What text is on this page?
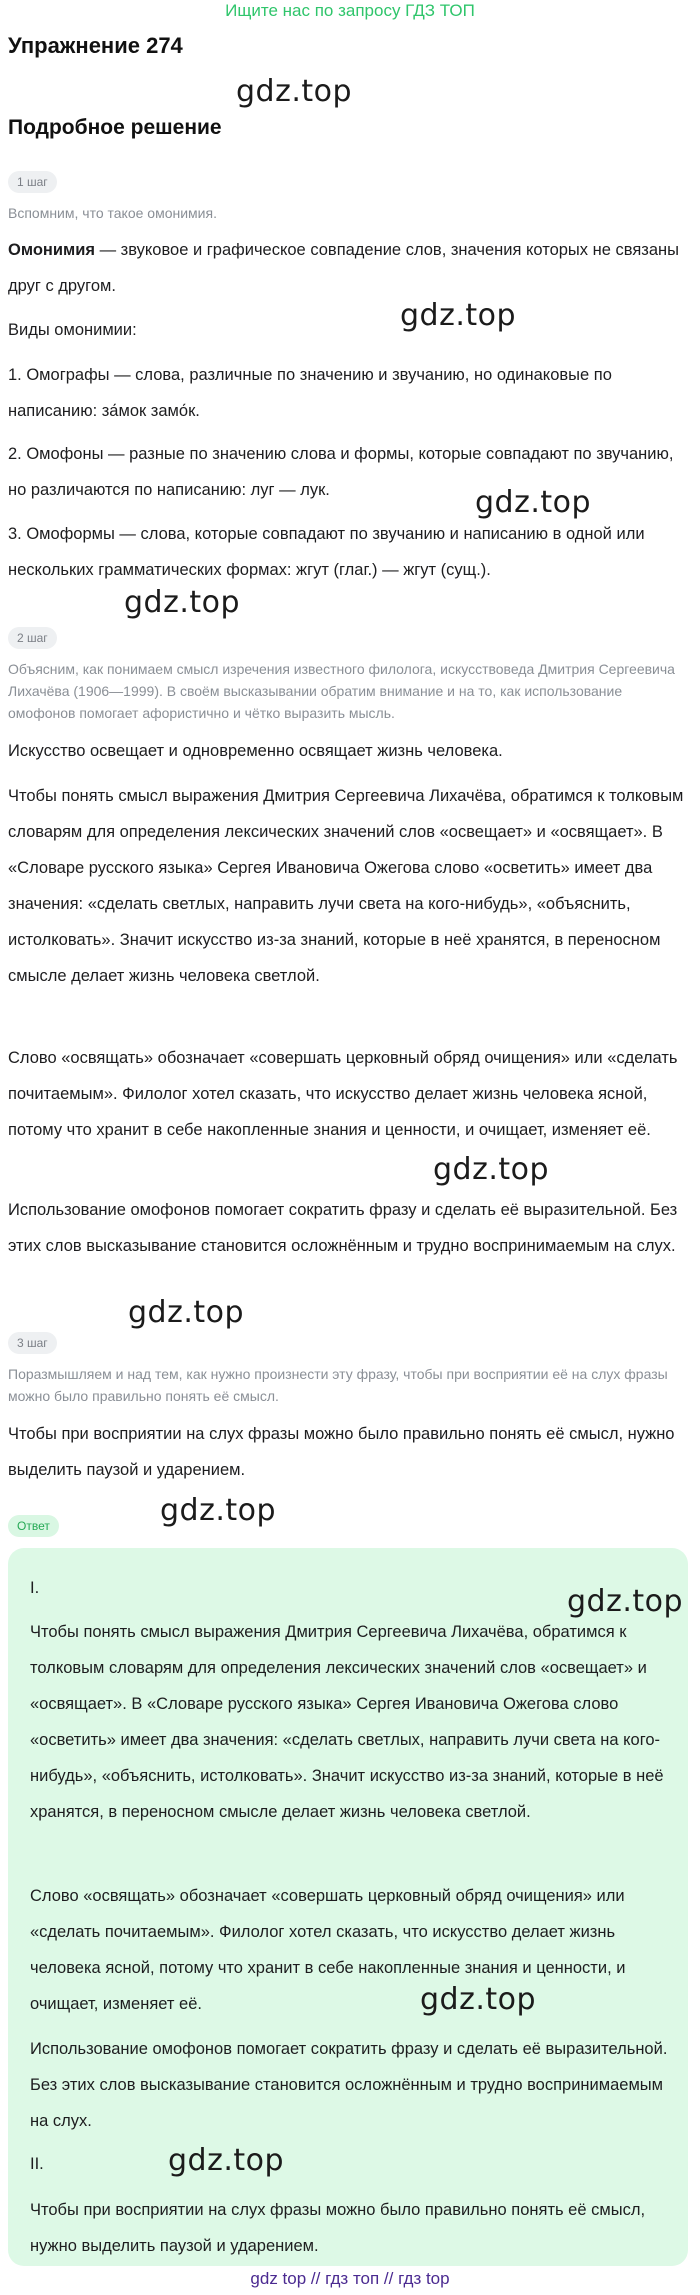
Ищите нас по запросу ГДЗ ТОП
Упражнение 274
gdz.top
Подробное решение
1 шаг
Вспомним, что такое омонимия.
Омонимия — звуковое и графическое совпадение слов, значения которых не связаны друг с другом.
Виды омонимии:	gdz.top
1. Омографы — слова, различные по значению и звучанию, но одинаковые по написанию: за́мок замо́к.
2. Омофоны — разные по значению слова и формы, которые совпадают по звучанию, но различаются по написанию: луг — лук.	gdz.top
3. Омоформы — слова, которые совпадают по звучанию и написанию в одной или нескольких грамматических формах: жгут (глаг.) — жгут (сущ.).
gdz.top
2 шаг
Объясним, как понимаем смысл изречения известного филолога, искусствоведа Дмитрия Сергеевича Лихачёва (1906—1999). В своём высказывании обратим внимание и на то, как использование омофонов помогает афористично и чётко выразить мысль.
Искусство освещает и одновременно освящает жизнь человека.
Чтобы понять смысл выражения Дмитрия Сергеевича Лихачёва, обратимся к толковым словарям для определения лексических значений слов «освещает» и «освящает». В «Словаре русского языка» Сергея Ивановича Ожегова слово «осветить» имеет два значения: «сделать светлых, направить лучи света на кого-нибудь», «объяснить, истолковать». Значит искусство из-за знаний, которые в неё хранятся, в переносном смысле делает жизнь человека светлой.
Слово «освящать» обозначает «совершать церковный обряд очищения» или «сделать почитаемым». Филолог хотел сказать, что искусство делает жизнь человека ясной, потому что хранит в себе накопленные знания и ценности, и очищает, изменяет её.
gdz.top
Использование омофонов помогает сократить фразу и сделать её выразительной. Без этих слов высказывание становится осложнённым и трудно воспринимаемым на слух.
gdz.top
3 шаг
Поразмышляем и над тем, как нужно произнести эту фразу, чтобы при восприятии её на слух фразы можно было правильно понять её смысл.
Чтобы при восприятии на слух фразы можно было правильно понять её смысл, нужно выделить паузой и ударением.
gdz.top
Ответ
I.	gdz.top
Чтобы понять смысл выражения Дмитрия Сергеевича Лихачёва, обратимся к толковым словарям для определения лексических значений слов «освещает» и «освящает». В «Словаре русского языка» Сергея Ивановича Ожегова слово «осветить» имеет два значения: «сделать светлых, направить лучи света на кого-нибудь», «объяснить, истолковать». Значит искусство из-за знаний, которые в неё хранятся, в переносном смысле делает жизнь человека светлой.
Слово «освящать» обозначает «совершать церковный обряд очищения» или «сделать почитаемым». Филолог хотел сказать, что искусство делает жизнь человека ясной, потому что хранит в себе накопленные знания и ценности, и очищает, изменяет её.	gdz.top
Использование омофонов помогает сократить фразу и сделать её выразительной. Без этих слов высказывание становится осложнённым и трудно воспринимаемым на слух.
II.	gdz.top
Чтобы при восприятии на слух фразы можно было правильно понять её смысл, нужно выделить паузой и ударением.
gdz top // гдз топ // гдз top
